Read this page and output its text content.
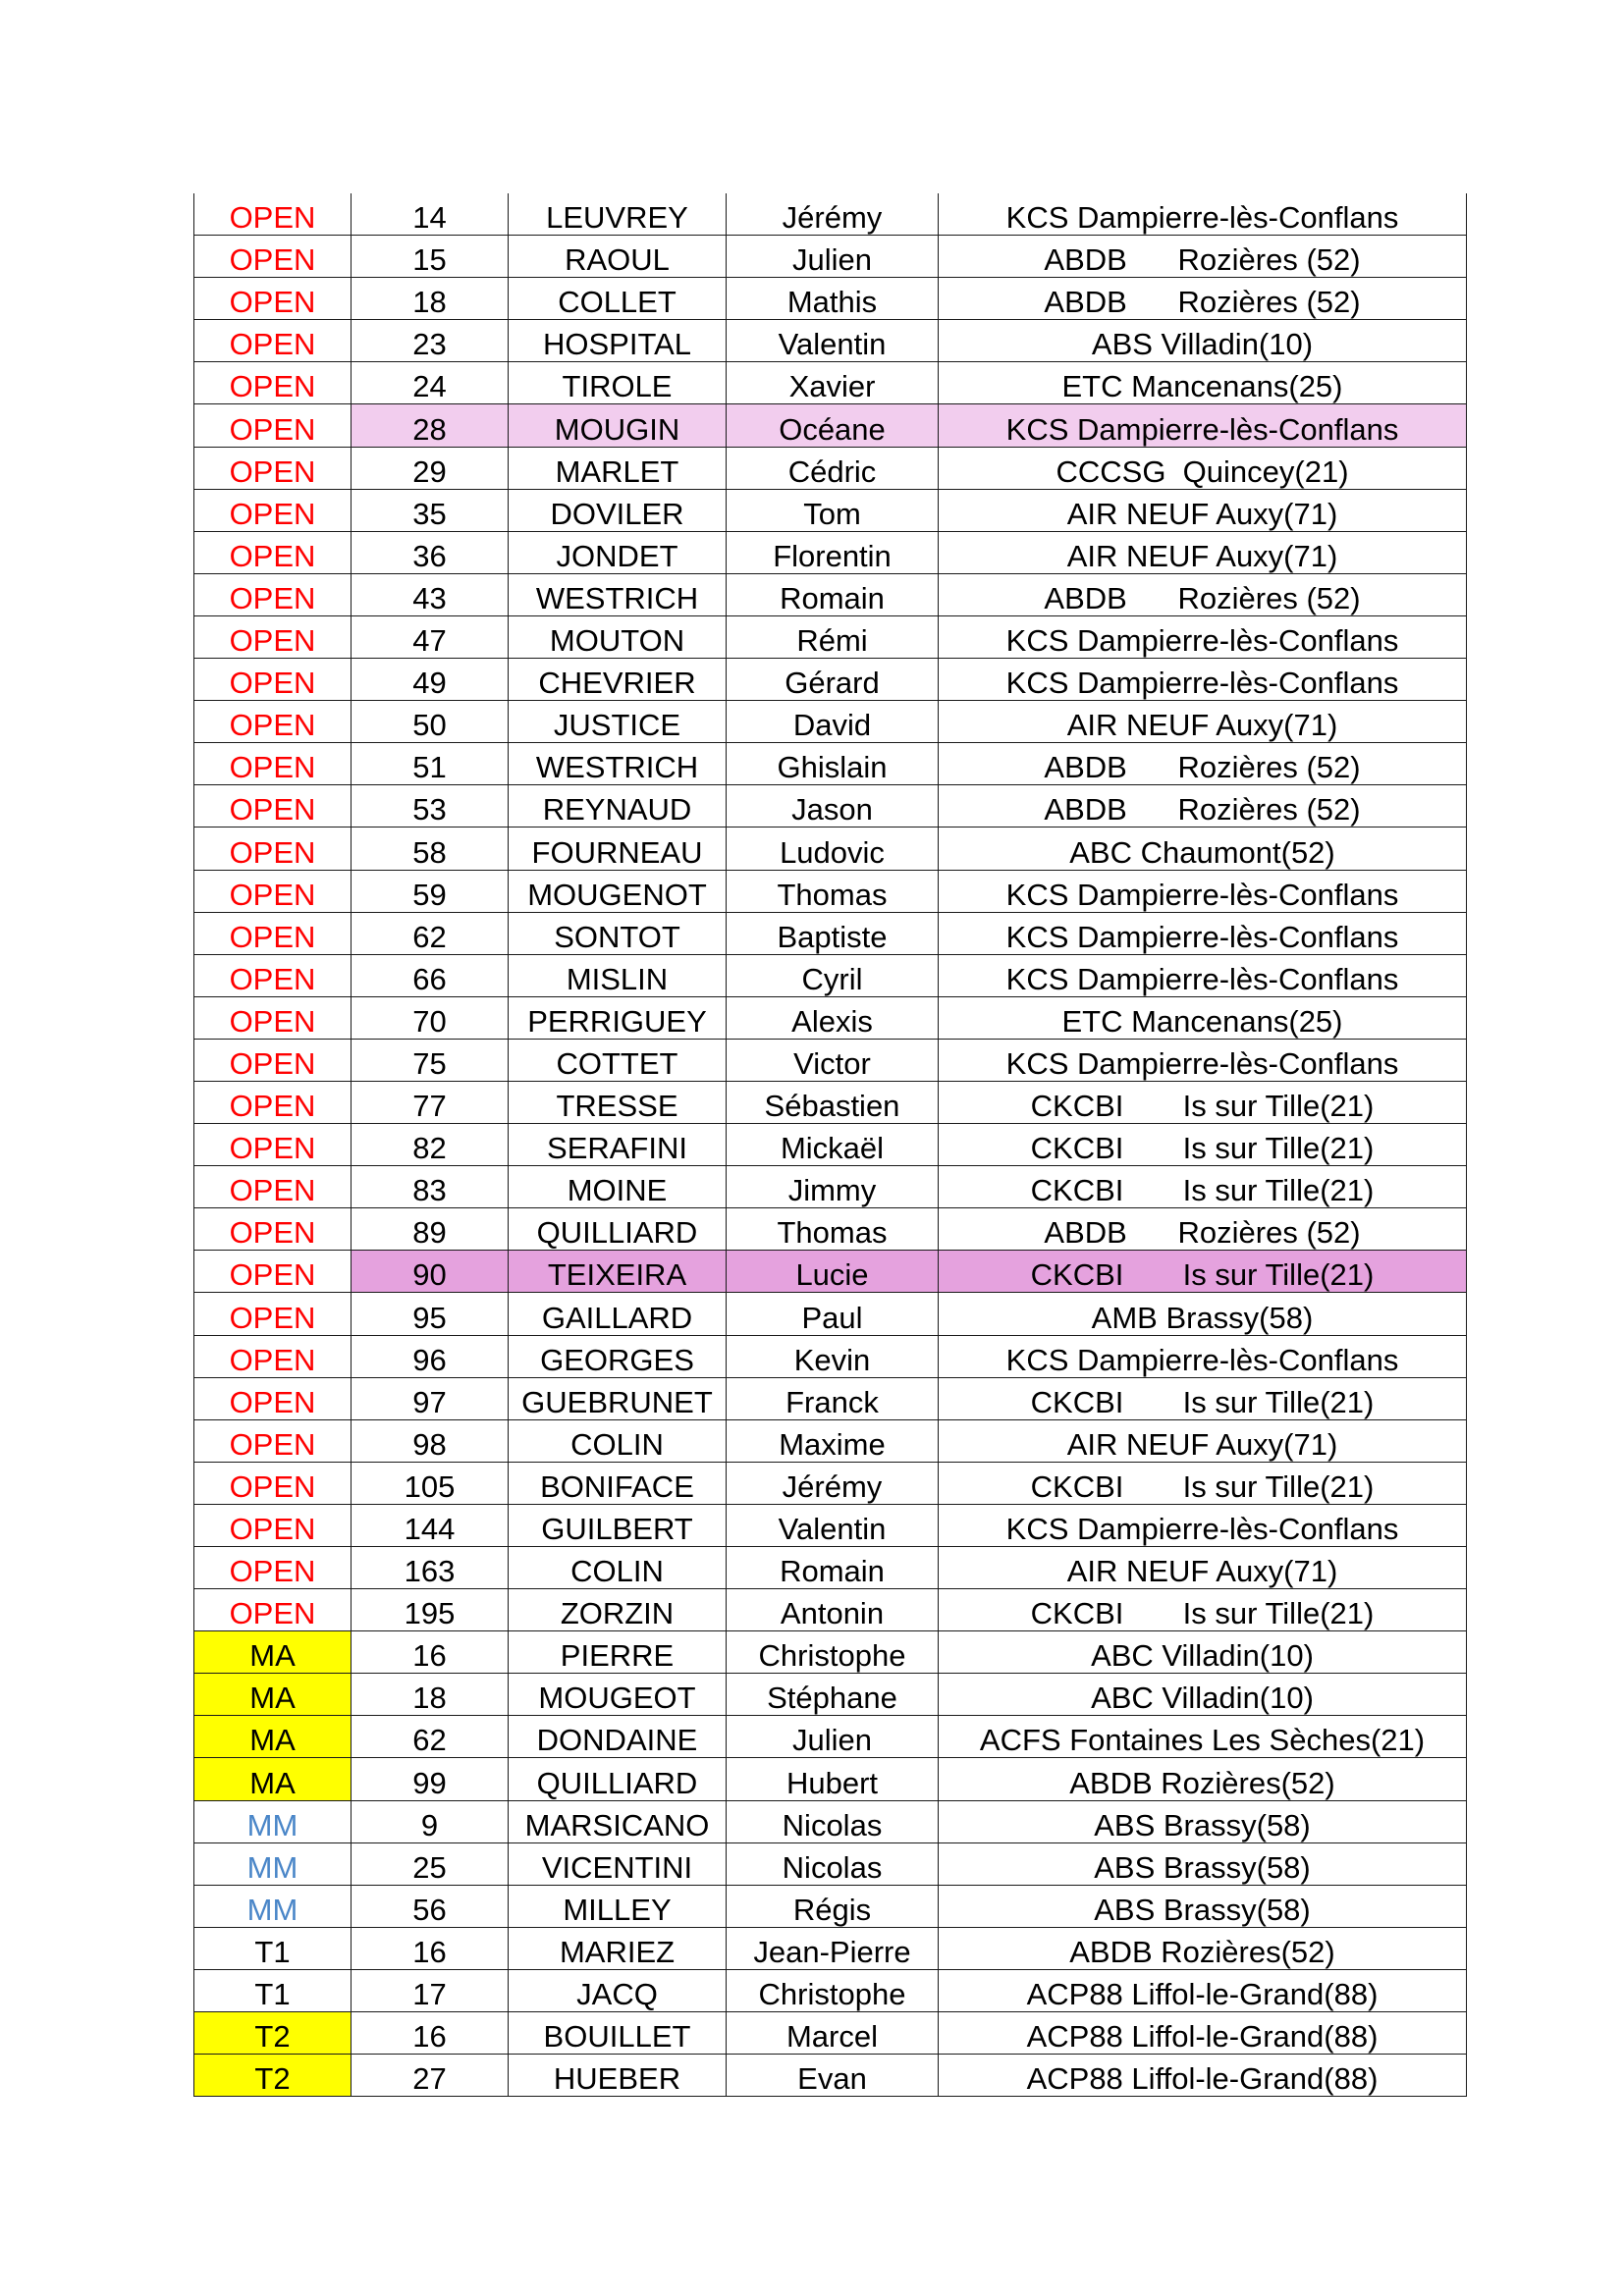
OPEN	14	LEUVREY	Jérémy	KCS Dampierre-lès-Conflans
OPEN	15	RAOUL	Julien	ABDB      Rozières (52)
OPEN	18	COLLET	Mathis	ABDB      Rozières (52)
OPEN	23	HOSPITAL	Valentin	ABS Villadin(10)
OPEN	24	TIROLE	Xavier	ETC Mancenans(25)
OPEN	28	MOUGIN	Océane	KCS Dampierre-lès-Conflans
OPEN	29	MARLET	Cédric	CCCSG  Quincey(21)
OPEN	35	DOVILER	Tom	AIR NEUF Auxy(71)
OPEN	36	JONDET	Florentin	AIR NEUF Auxy(71)
OPEN	43	WESTRICH	Romain	ABDB      Rozières (52)
OPEN	47	MOUTON	Rémi	KCS Dampierre-lès-Conflans
OPEN	49	CHEVRIER	Gérard	KCS Dampierre-lès-Conflans
OPEN	50	JUSTICE	David	AIR NEUF Auxy(71)
OPEN	51	WESTRICH	Ghislain	ABDB      Rozières (52)
OPEN	53	REYNAUD	Jason	ABDB      Rozières (52)
OPEN	58	FOURNEAU	Ludovic	ABC Chaumont(52)
OPEN	59	MOUGENOT	Thomas	KCS Dampierre-lès-Conflans
OPEN	62	SONTOT	Baptiste	KCS Dampierre-lès-Conflans
OPEN	66	MISLIN	Cyril	KCS Dampierre-lès-Conflans
OPEN	70	PERRIGUEY	Alexis	ETC Mancenans(25)
OPEN	75	COTTET	Victor	KCS Dampierre-lès-Conflans
OPEN	77	TRESSE	Sébastien	CKCBI       Is sur Tille(21)
OPEN	82	SERAFINI	Mickaël	CKCBI       Is sur Tille(21)
OPEN	83	MOINE	Jimmy	CKCBI       Is sur Tille(21)
OPEN	89	QUILLIARD	Thomas	ABDB      Rozières (52)
OPEN	90	TEIXEIRA	Lucie	CKCBI       Is sur Tille(21)
OPEN	95	GAILLARD	Paul	AMB Brassy(58)
OPEN	96	GEORGES	Kevin	KCS Dampierre-lès-Conflans
OPEN	97	GUEBRUNET	Franck	CKCBI       Is sur Tille(21)
OPEN	98	COLIN	Maxime	AIR NEUF Auxy(71)
OPEN	105	BONIFACE	Jérémy	CKCBI       Is sur Tille(21)
OPEN	144	GUILBERT	Valentin	KCS Dampierre-lès-Conflans
OPEN	163	COLIN	Romain	AIR NEUF Auxy(71)
OPEN	195	ZORZIN	Antonin	CKCBI       Is sur Tille(21)
MA	16	PIERRE	Christophe	ABC Villadin(10)
MA	18	MOUGEOT	Stéphane	ABC Villadin(10)
MA	62	DONDAINE	Julien	ACFS Fontaines Les Sèches(21)
MA	99	QUILLIARD	Hubert	ABDB Rozières(52)
MM	9	MARSICANO	Nicolas	ABS Brassy(58)
MM	25	VICENTINI	Nicolas	ABS Brassy(58)
MM	56	MILLEY	Régis	ABS Brassy(58)
T1	16	MARIEZ	Jean-Pierre	ABDB Rozières(52)
T1	17	JACQ	Christophe	ACP88 Liffol-le-Grand(88)
T2	16	BOUILLET	Marcel	ACP88 Liffol-le-Grand(88)
T2	27	HUEBER	Evan	ACP88 Liffol-le-Grand(88)
